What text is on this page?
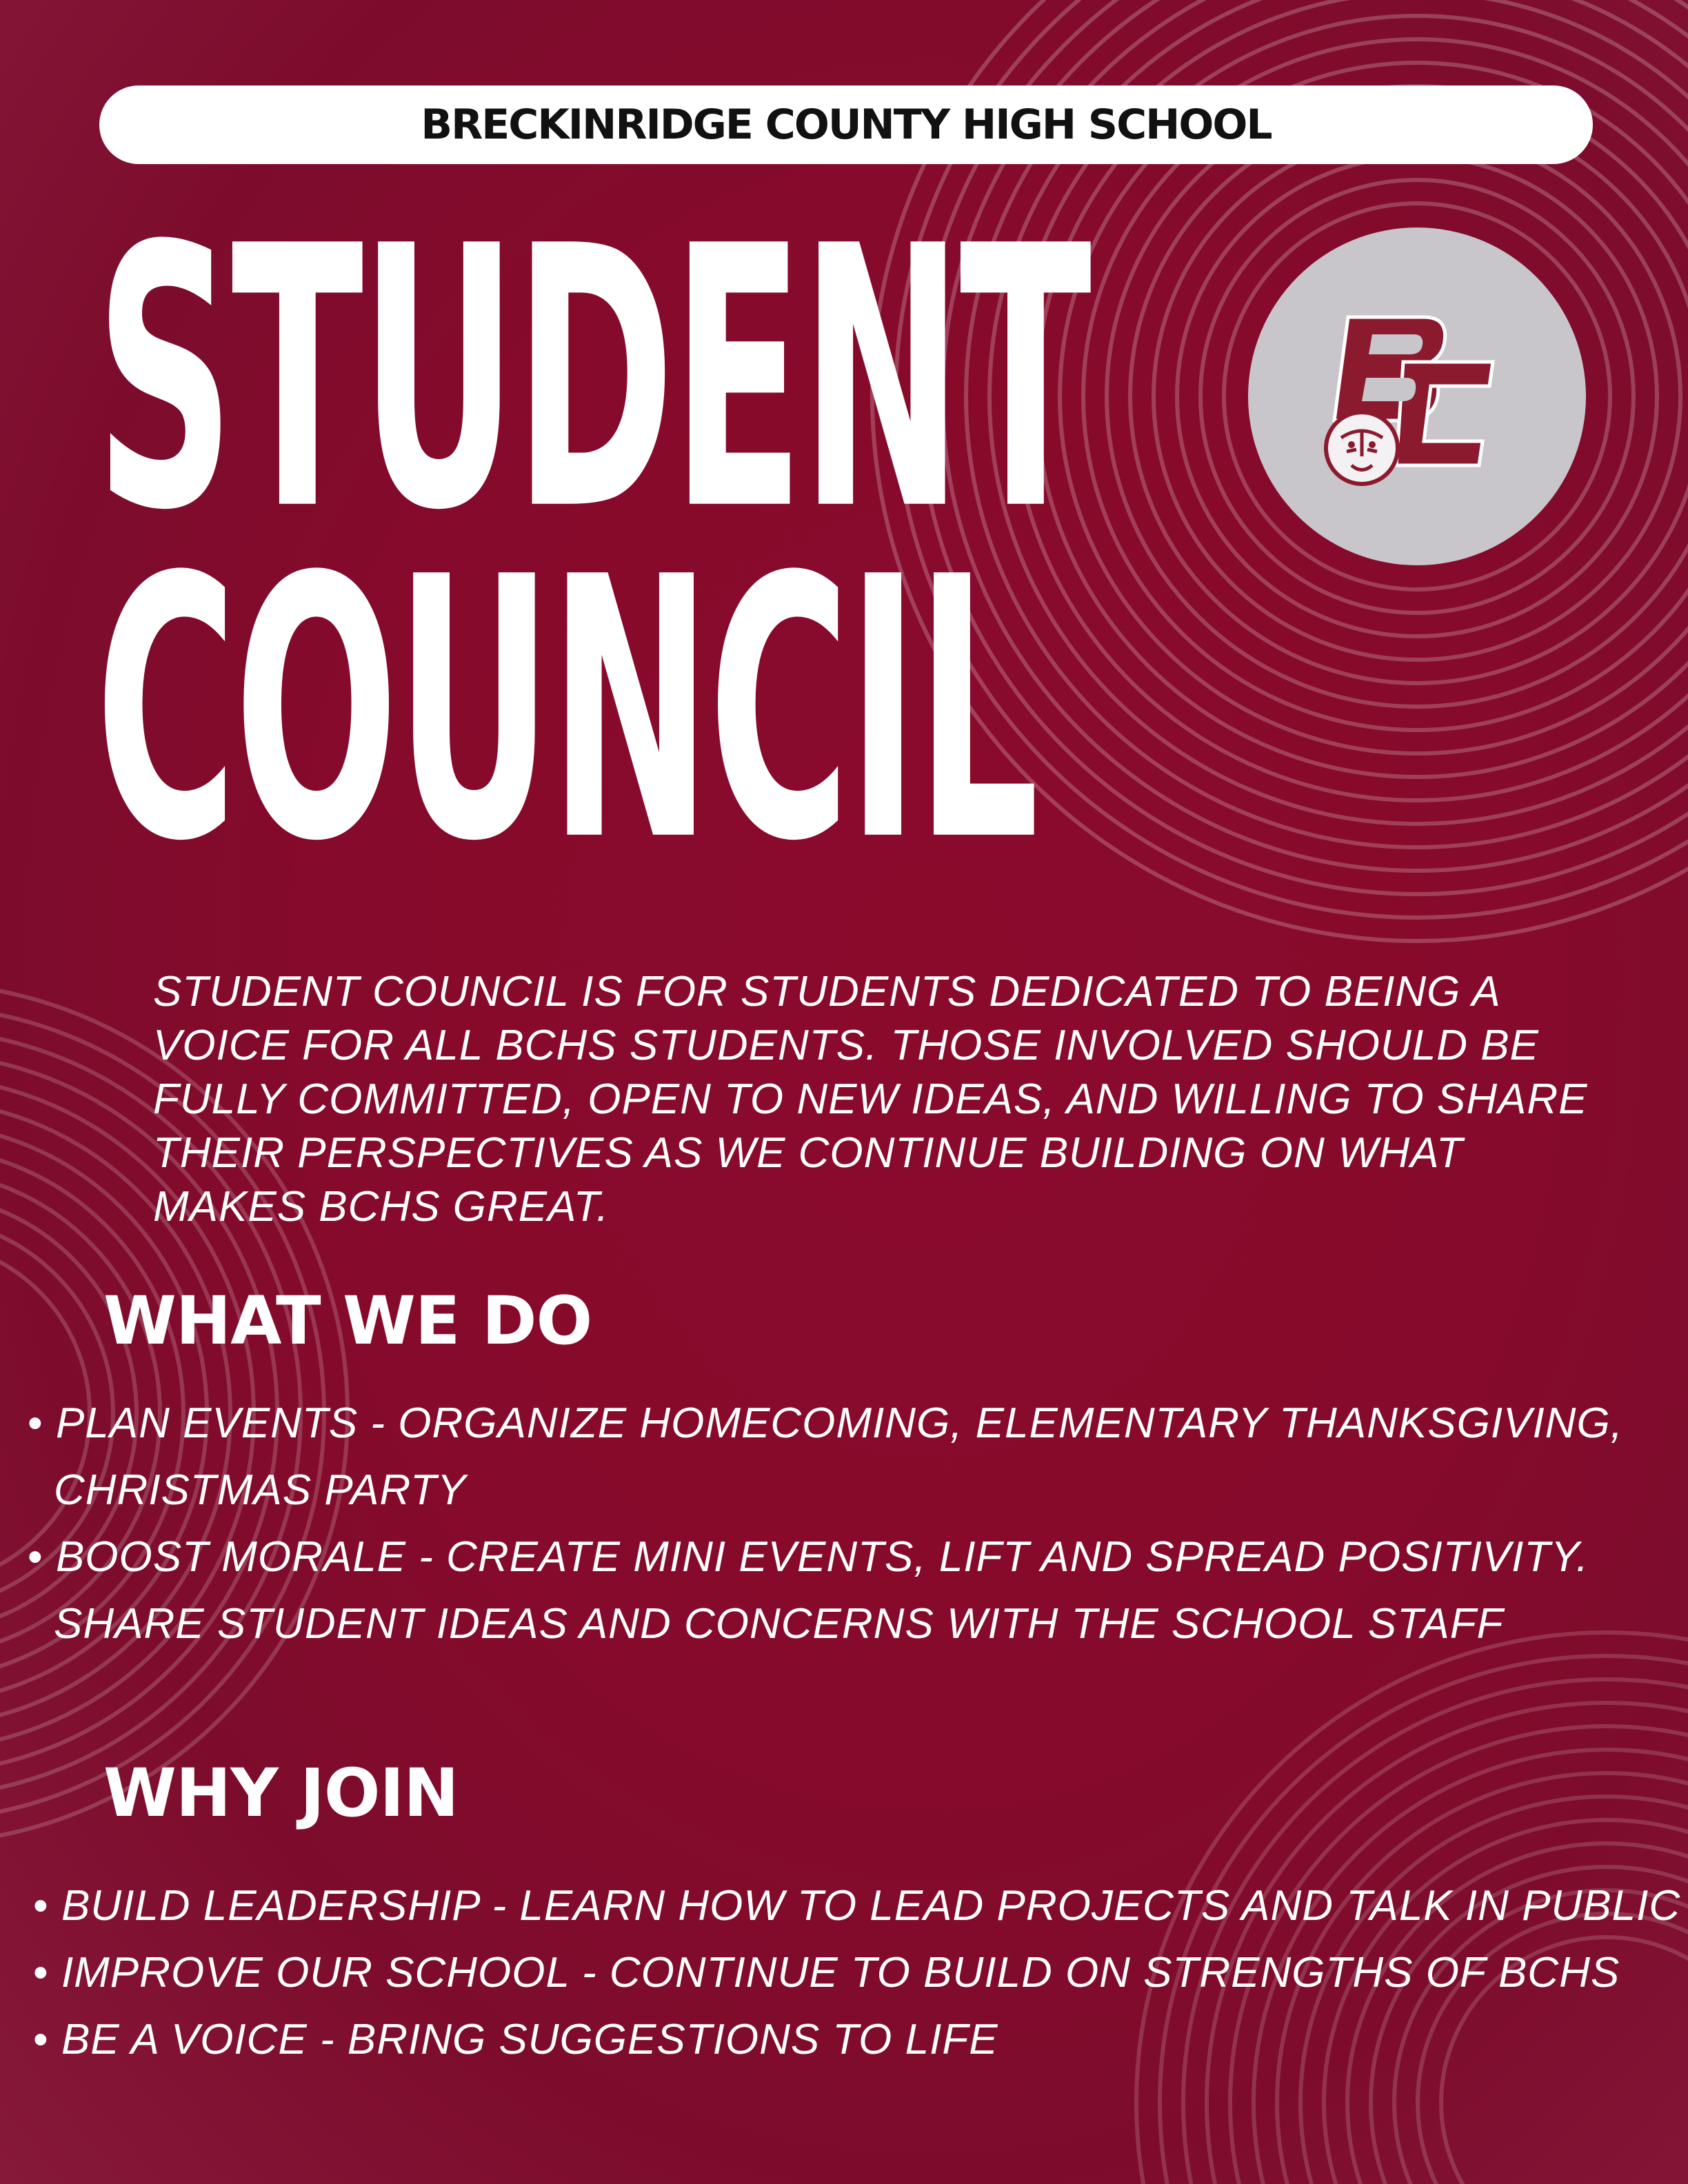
BRECKINRIDGE COUNTY HIGH SCHOOL
STUDENT
COUNCIL
STUDENT COUNCIL IS FOR STUDENTS DEDICATED TO BEING A VOICE FOR ALL BCHS STUDENTS. THOSE INVOLVED SHOULD BE FULLY COMMITTED, OPEN TO NEW IDEAS, AND WILLING TO SHARE THEIR PERSPECTIVES AS WE CONTINUE BUILDING ON WHAT MAKES BCHS GREAT.
WHAT WE DO
• PLAN EVENTS - ORGANIZE HOMECOMING, ELEMENTARY THANKSGIVING, CHRISTMAS PARTY
• BOOST MORALE - CREATE MINI EVENTS, LIFT AND SPREAD POSITIVITY. SHARE STUDENT IDEAS AND CONCERNS WITH THE SCHOOL STAFF
WHY JOIN
• BUILD LEADERSHIP - LEARN HOW TO LEAD PROJECTS AND TALK IN PUBLIC
• IMPROVE OUR SCHOOL - CONTINUE TO BUILD ON STRENGTHS OF BCHS
• BE A VOICE - BRING SUGGESTIONS TO LIFE
